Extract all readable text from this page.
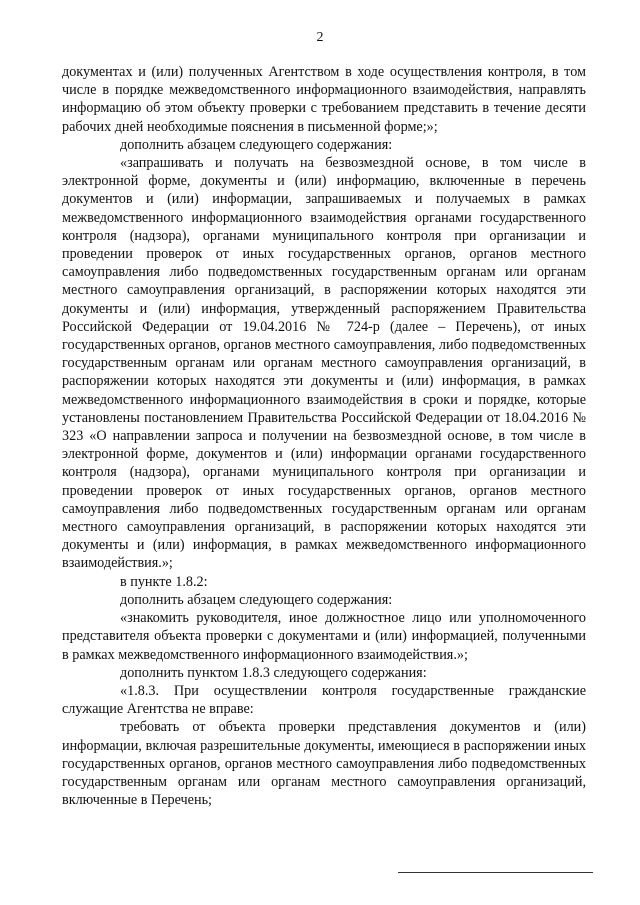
2

документах и (или) полученных Агентством в ходе осуществления контроля, в том числе в порядке межведомственного информационного взаимодействия, направлять информацию об этом объекту проверки с требованием представить в течение десяти рабочих дней необходимые пояснения в письменной форме;»;

дополнить абзацем следующего содержания:

«запрашивать и получать на безвозмездной основе, в том числе в электронной форме, документы и (или) информацию, включенные в перечень документов и (или) информации, запрашиваемых и получаемых в рамках межведомственного информационного взаимодействия органами государственного контроля (надзора), органами муниципального контроля при организации и проведении проверок от иных государственных органов, органов местного самоуправления либо подведомственных государственным органам или органам местного самоуправления организаций, в распоряжении которых находятся эти документы и (или) информация, утвержденный распоряжением Правительства Российской Федерации от 19.04.2016 № 724-р (далее – Перечень), от иных государственных органов, органов местного самоуправления, либо подведомственных государственным органам или органам местного самоуправления организаций, в распоряжении которых находятся эти документы и (или) информация, в рамках межведомственного информационного взаимодействия в сроки и порядке, которые установлены постановлением Правительства Российской Федерации от 18.04.2016 № 323 «О направлении запроса и получении на безвозмездной основе, в том числе в электронной форме, документов и (или) информации органами государственного контроля (надзора), органами муниципального контроля при организации и проведении проверок от иных государственных органов, органов местного самоуправления либо подведомственных государственным органам или органам местного самоуправления организаций, в распоряжении которых находятся эти документы и (или) информация, в рамках межведомственного информационного взаимодействия.»;

в пункте 1.8.2:

дополнить абзацем следующего содержания:

«знакомить руководителя, иное должностное лицо или уполномоченного представителя объекта проверки с документами и (или) информацией, полученными в рамках межведомственного информационного взаимодействия.»;

дополнить пунктом 1.8.3 следующего содержания:

«1.8.3. При осуществлении контроля государственные гражданские служащие Агентства не вправе:

требовать от объекта проверки представления документов и (или) информации, включая разрешительные документы, имеющиеся в распоряжении иных государственных органов, органов местного самоуправления либо подведомственных государственным органам или органам местного самоуправления организаций, включенные в Перечень;
